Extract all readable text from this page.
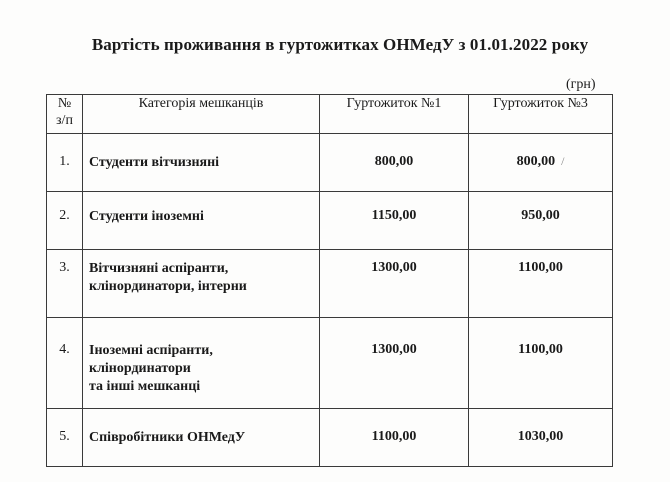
Вартість проживання в гуртожитках ОНМедУ з 01.01.2022 року
(грн)
№
з/п	Категорія мешканців	Гуртожиток №1	Гуртожиток №3
1.	Студенти вітчизняні	800,00	800,00 /
2.	Студенти іноземні	1150,00	950,00
3.	Вітчизняні аспіранти,
клінординатори, інтерни	1300,00	1100,00
4.	Іноземні аспіранти,
клінординатори
та інші мешканці	1300,00	1100,00
5.	Співробітники ОНМедУ	1100,00	1030,00
